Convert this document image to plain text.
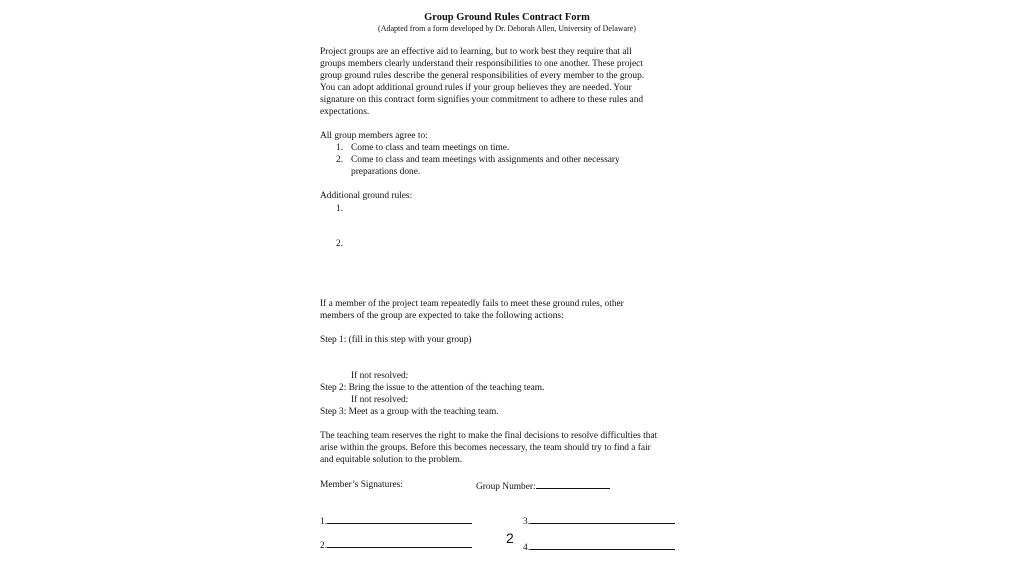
Group Ground Rules Contract Form
(Adapted from a form developed by Dr. Deborah Allen, University of Delaware)
Project groups are an effective aid to learning, but to work best they require that all
groups members clearly understand their responsibilities to one another. These project
group ground rules describe the general responsibilities of every member to the group.
You can adopt additional ground rules if your group believes they are needed. Your
signature on this contract form signifies your commitment to adhere to these rules and
expectations.
All group members agree to:
1. Come to class and team meetings on time.
2. Come to class and team meetings with assignments and other necessary
preparations done.
Additional ground rules:
1.
2.
If a member of the project team repeatedly fails to meet these ground rules, other
members of the group are expected to take the following actions:
Step 1: (fill in this step with your group)
If not resolved:
Step 2: Bring the issue to the attention of the teaching team.
If not resolved:
Step 3: Meet as a group with the teaching team.
The teaching team reserves the right to make the final decisions to resolve difficulties that
arise within the groups. Before this becomes necessary, the team should try to find a fair
and equitable solution to the problem.
Member’s Signatures:	Group Number:
1.	3.
2.	4.
2
